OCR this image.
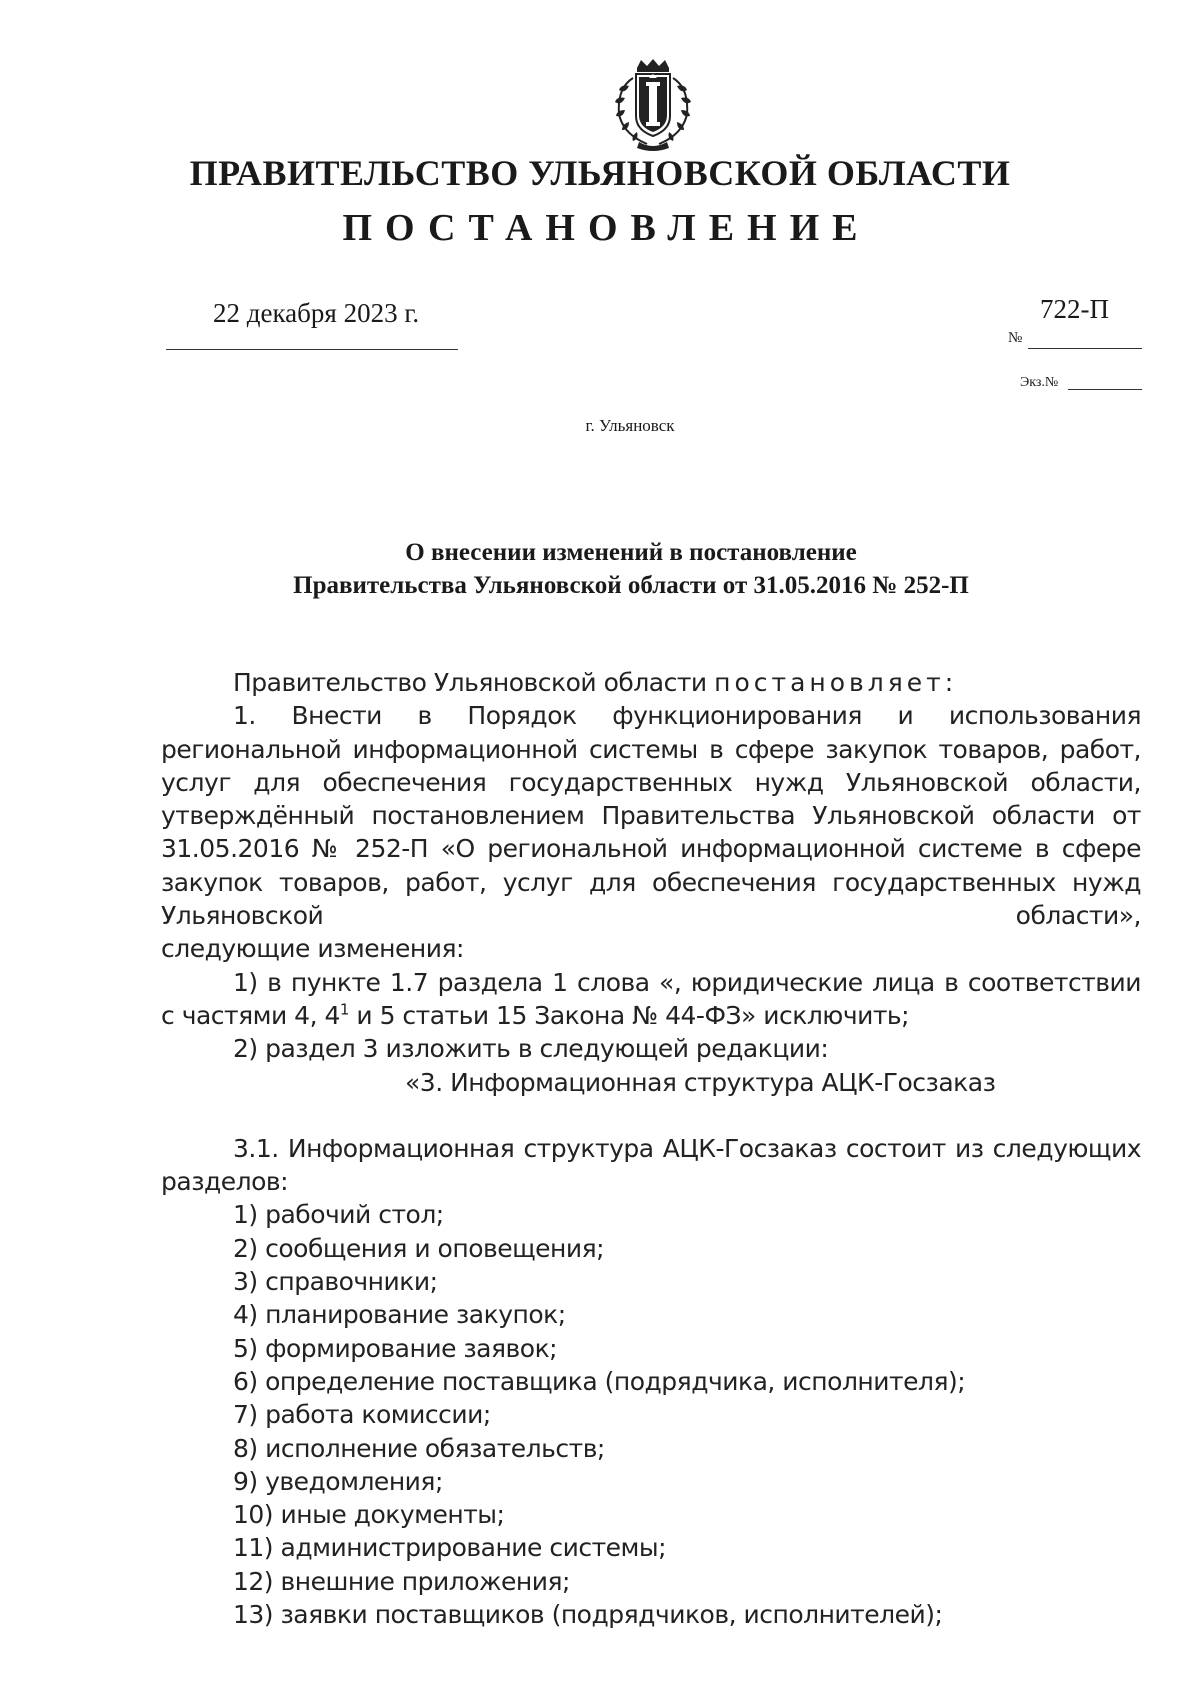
ПРАВИТЕЛЬСТВО УЛЬЯНОВСКОЙ ОБЛАСТИ
ПОСТАНОВЛЕНИЕ
22 декабря 2023 г.	722-П
№
Экз.№
г. Ульяновск
О внесении изменений в постановление
Правительства Ульяновской области от 31.05.2016 № 252-П

Правительство Ульяновской области постановляет:

1. Внести в Порядок функционирования и использования региональной информационной системы в сфере закупок товаров, работ, услуг для обеспечения государственных нужд Ульяновской области, утверждённый постановлением Правительства Ульяновской области от 31.05.2016 № 252-П «О региональной информационной системе в сфере закупок товаров, работ, услуг для обеспечения государственных нужд Ульяновской области»,

следующие изменения:

1) в пункте 1.7 раздела 1 слова «, юридические лица в соответствии

с частями 4, $4^1$ и 5 статьи 15 Закона № 44-ФЗ» исключить;

2) раздел 3 изложить в следующей редакции:

«3. Информационная структура АЦК-Госзаказ

3.1. Информационная структура АЦК-Госзаказ состоит из следующих

разделов:

1) рабочий стол;

2) сообщения и оповещения;

3) справочники;

4) планирование закупок;

5) формирование заявок;

6) определение поставщика (подрядчика, исполнителя);

7) работа комиссии;

8) исполнение обязательств;

9) уведомления;

10) иные документы;

11) администрирование системы;

12) внешние приложения;

13) заявки поставщиков (подрядчиков, исполнителей);
